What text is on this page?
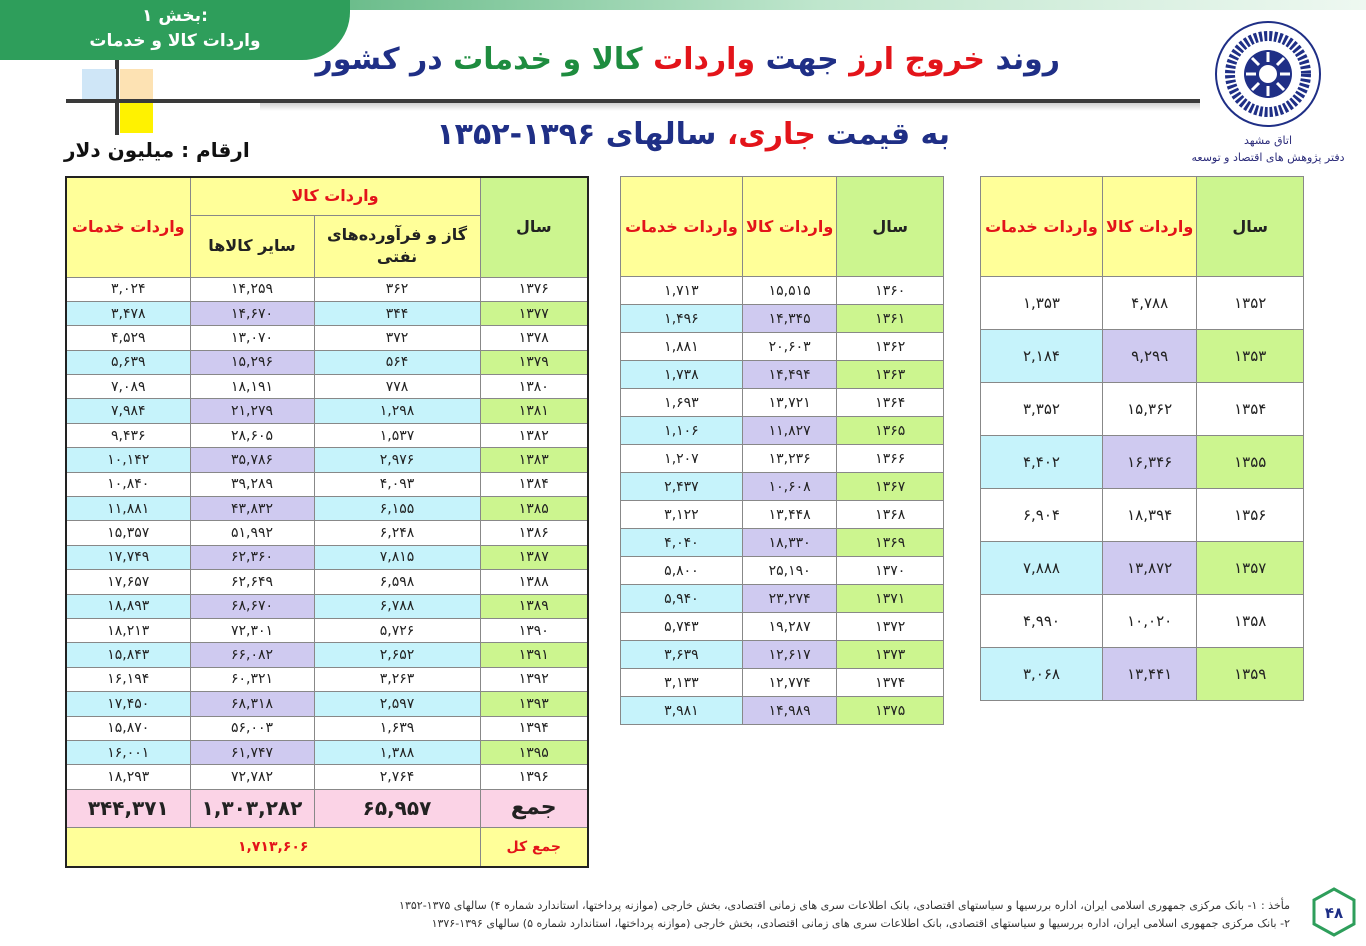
بخش ۱:
واردات کالا و خدمات
روند خروج ارز جهت واردات کالا و خدمات در کشور
به قیمت جاری، سالهای ۱۳۹۶-۱۳۵۲
ارقام : میلیون دلار	اتاق مشهد
دفتر پژوهش های اقتصاد و توسعه
سال	واردات کالا	واردات خدمات
۱۳۵۲	۴,۷۸۸	۱,۳۵۳
۱۳۵۳	۹,۲۹۹	۲,۱۸۴
۱۳۵۴	۱۵,۳۶۲	۳,۳۵۲
۱۳۵۵	۱۶,۳۴۶	۴,۴۰۲
۱۳۵۶	۱۸,۳۹۴	۶,۹۰۴
۱۳۵۷	۱۳,۸۷۲	۷,۸۸۸
۱۳۵۸	۱۰,۰۲۰	۴,۹۹۰
۱۳۵۹	۱۳,۴۴۱	۳,۰۶۸
سال	واردات کالا	واردات خدمات
۱۳۶۰	۱۵,۵۱۵	۱,۷۱۳
۱۳۶۱	۱۴,۳۴۵	۱,۴۹۶
۱۳۶۲	۲۰,۶۰۳	۱,۸۸۱
۱۳۶۳	۱۴,۴۹۴	۱,۷۳۸
۱۳۶۴	۱۳,۷۲۱	۱,۶۹۳
۱۳۶۵	۱۱,۸۲۷	۱,۱۰۶
۱۳۶۶	۱۳,۲۳۶	۱,۲۰۷
۱۳۶۷	۱۰,۶۰۸	۲,۴۳۷
۱۳۶۸	۱۳,۴۴۸	۳,۱۲۲
۱۳۶۹	۱۸,۳۳۰	۴,۰۴۰
۱۳۷۰	۲۵,۱۹۰	۵,۸۰۰
۱۳۷۱	۲۳,۲۷۴	۵,۹۴۰
۱۳۷۲	۱۹,۲۸۷	۵,۷۴۳
۱۳۷۳	۱۲,۶۱۷	۳,۶۳۹
۱۳۷۴	۱۲,۷۷۴	۳,۱۳۳
۱۳۷۵	۱۴,۹۸۹	۳,۹۸۱
سال	واردات کالا		واردات خدمات
	گاز و فرآورده‌های نفتی	سایر کالاها	
۱۳۷۶	۳۶۲	۱۴,۲۵۹	۳,۰۲۴
۱۳۷۷	۳۴۴	۱۴,۶۷۰	۳,۴۷۸
۱۳۷۸	۳۷۲	۱۳,۰۷۰	۴,۵۲۹
۱۳۷۹	۵۶۴	۱۵,۲۹۶	۵,۶۳۹
۱۳۸۰	۷۷۸	۱۸,۱۹۱	۷,۰۸۹
۱۳۸۱	۱,۲۹۸	۲۱,۲۷۹	۷,۹۸۴
۱۳۸۲	۱,۵۳۷	۲۸,۶۰۵	۹,۴۳۶
۱۳۸۳	۲,۹۷۶	۳۵,۷۸۶	۱۰,۱۴۲
۱۳۸۴	۴,۰۹۳	۳۹,۲۸۹	۱۰,۸۴۰
۱۳۸۵	۶,۱۵۵	۴۳,۸۳۲	۱۱,۸۸۱
۱۳۸۶	۶,۲۴۸	۵۱,۹۹۲	۱۵,۳۵۷
۱۳۸۷	۷,۸۱۵	۶۲,۳۶۰	۱۷,۷۴۹
۱۳۸۸	۶,۵۹۸	۶۲,۶۴۹	۱۷,۶۵۷
۱۳۸۹	۶,۷۸۸	۶۸,۶۷۰	۱۸,۸۹۳
۱۳۹۰	۵,۷۲۶	۷۲,۳۰۱	۱۸,۲۱۳
۱۳۹۱	۲,۶۵۲	۶۶,۰۸۲	۱۵,۸۴۳
۱۳۹۲	۳,۲۶۳	۶۰,۳۲۱	۱۶,۱۹۴
۱۳۹۳	۲,۵۹۷	۶۸,۳۱۸	۱۷,۴۵۰
۱۳۹۴	۱,۶۳۹	۵۶,۰۰۳	۱۵,۸۷۰
۱۳۹۵	۱,۳۸۸	۶۱,۷۴۷	۱۶,۰۰۱
۱۳۹۶	۲,۷۶۴	۷۲,۷۸۲	۱۸,۲۹۳
جمع	۶۵,۹۵۷	۱,۳۰۳,۲۸۲	۳۴۴,۳۷۱
جمع کل	۱,۷۱۳,۶۰۶		
مأخذ : ۱- بانک مرکزی جمهوری اسلامی ایران، اداره بررسیها و سیاستهای اقتصادی، بانک اطلاعات سری های زمانی اقتصادی، بخش خارجی (موازنه پرداختها، استاندارد شماره ۴) سالهای ۱۳۷۵-۱۳۵۲
۲- بانک مرکزی جمهوری اسلامی ایران، اداره بررسیها و سیاستهای اقتصادی، بانک اطلاعات سری های زمانی اقتصادی، بخش خارجی (موازنه پرداختها، استاندارد شماره ۵) سالهای ۱۳۹۶-۱۳۷۶
۴۸
